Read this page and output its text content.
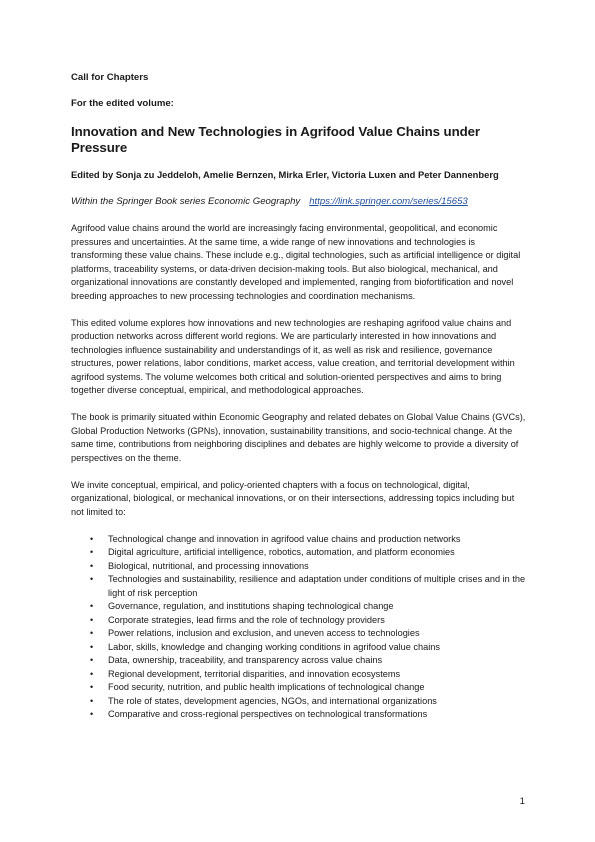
Call for Chapters

For the edited volume:

Innovation and New Technologies in Agrifood Value Chains under Pressure

Edited by Sonja zu Jeddeloh, Amelie Bernzen, Mirka Erler, Victoria Luxen and Peter Dannenberg

Within the Springer Book series Economic Geography https://link.springer.com/series/15653

Agrifood value chains around the world are increasingly facing environmental, geopolitical, and economic pressures and uncertainties. At the same time, a wide range of new innovations and technologies is transforming these value chains. These include e.g., digital technologies, such as artificial intelligence or digital platforms, traceability systems, or data-driven decision-making tools. But also biological, mechanical, and organizational innovations are constantly developed and implemented, ranging from biofortification and novel breeding approaches to new processing technologies and coordination mechanisms.

This edited volume explores how innovations and new technologies are reshaping agrifood value chains and production networks across different world regions. We are particularly interested in how innovations and technologies influence sustainability and understandings of it, as well as risk and resilience, governance structures, power relations, labor conditions, market access, value creation, and territorial development within agrifood systems. The volume welcomes both critical and solution-oriented perspectives and aims to bring together diverse conceptual, empirical, and methodological approaches.

The book is primarily situated within Economic Geography and related debates on Global Value Chains (GVCs), Global Production Networks (GPNs), innovation, sustainability transitions, and socio-technical change. At the same time, contributions from neighboring disciplines and debates are highly welcome to provide a diversity of perspectives on the theme.

We invite conceptual, empirical, and policy-oriented chapters with a focus on technological, digital, organizational, biological, or mechanical innovations, or on their intersections, addressing topics including but not limited to:

• Technological change and innovation in agrifood value chains and production networks
• Digital agriculture, artificial intelligence, robotics, automation, and platform economies
• Biological, nutritional, and processing innovations
• Technologies and sustainability, resilience and adaptation under conditions of multiple crises and in the light of risk perception
• Governance, regulation, and institutions shaping technological change
• Corporate strategies, lead firms and the role of technology providers
• Power relations, inclusion and exclusion, and uneven access to technologies
• Labor, skills, knowledge and changing working conditions in agrifood value chains
• Data, ownership, traceability, and transparency across value chains
• Regional development, territorial disparities, and innovation ecosystems
• Food security, nutrition, and public health implications of technological change
• The role of states, development agencies, NGOs, and international organizations
• Comparative and cross-regional perspectives on technological transformations
1
